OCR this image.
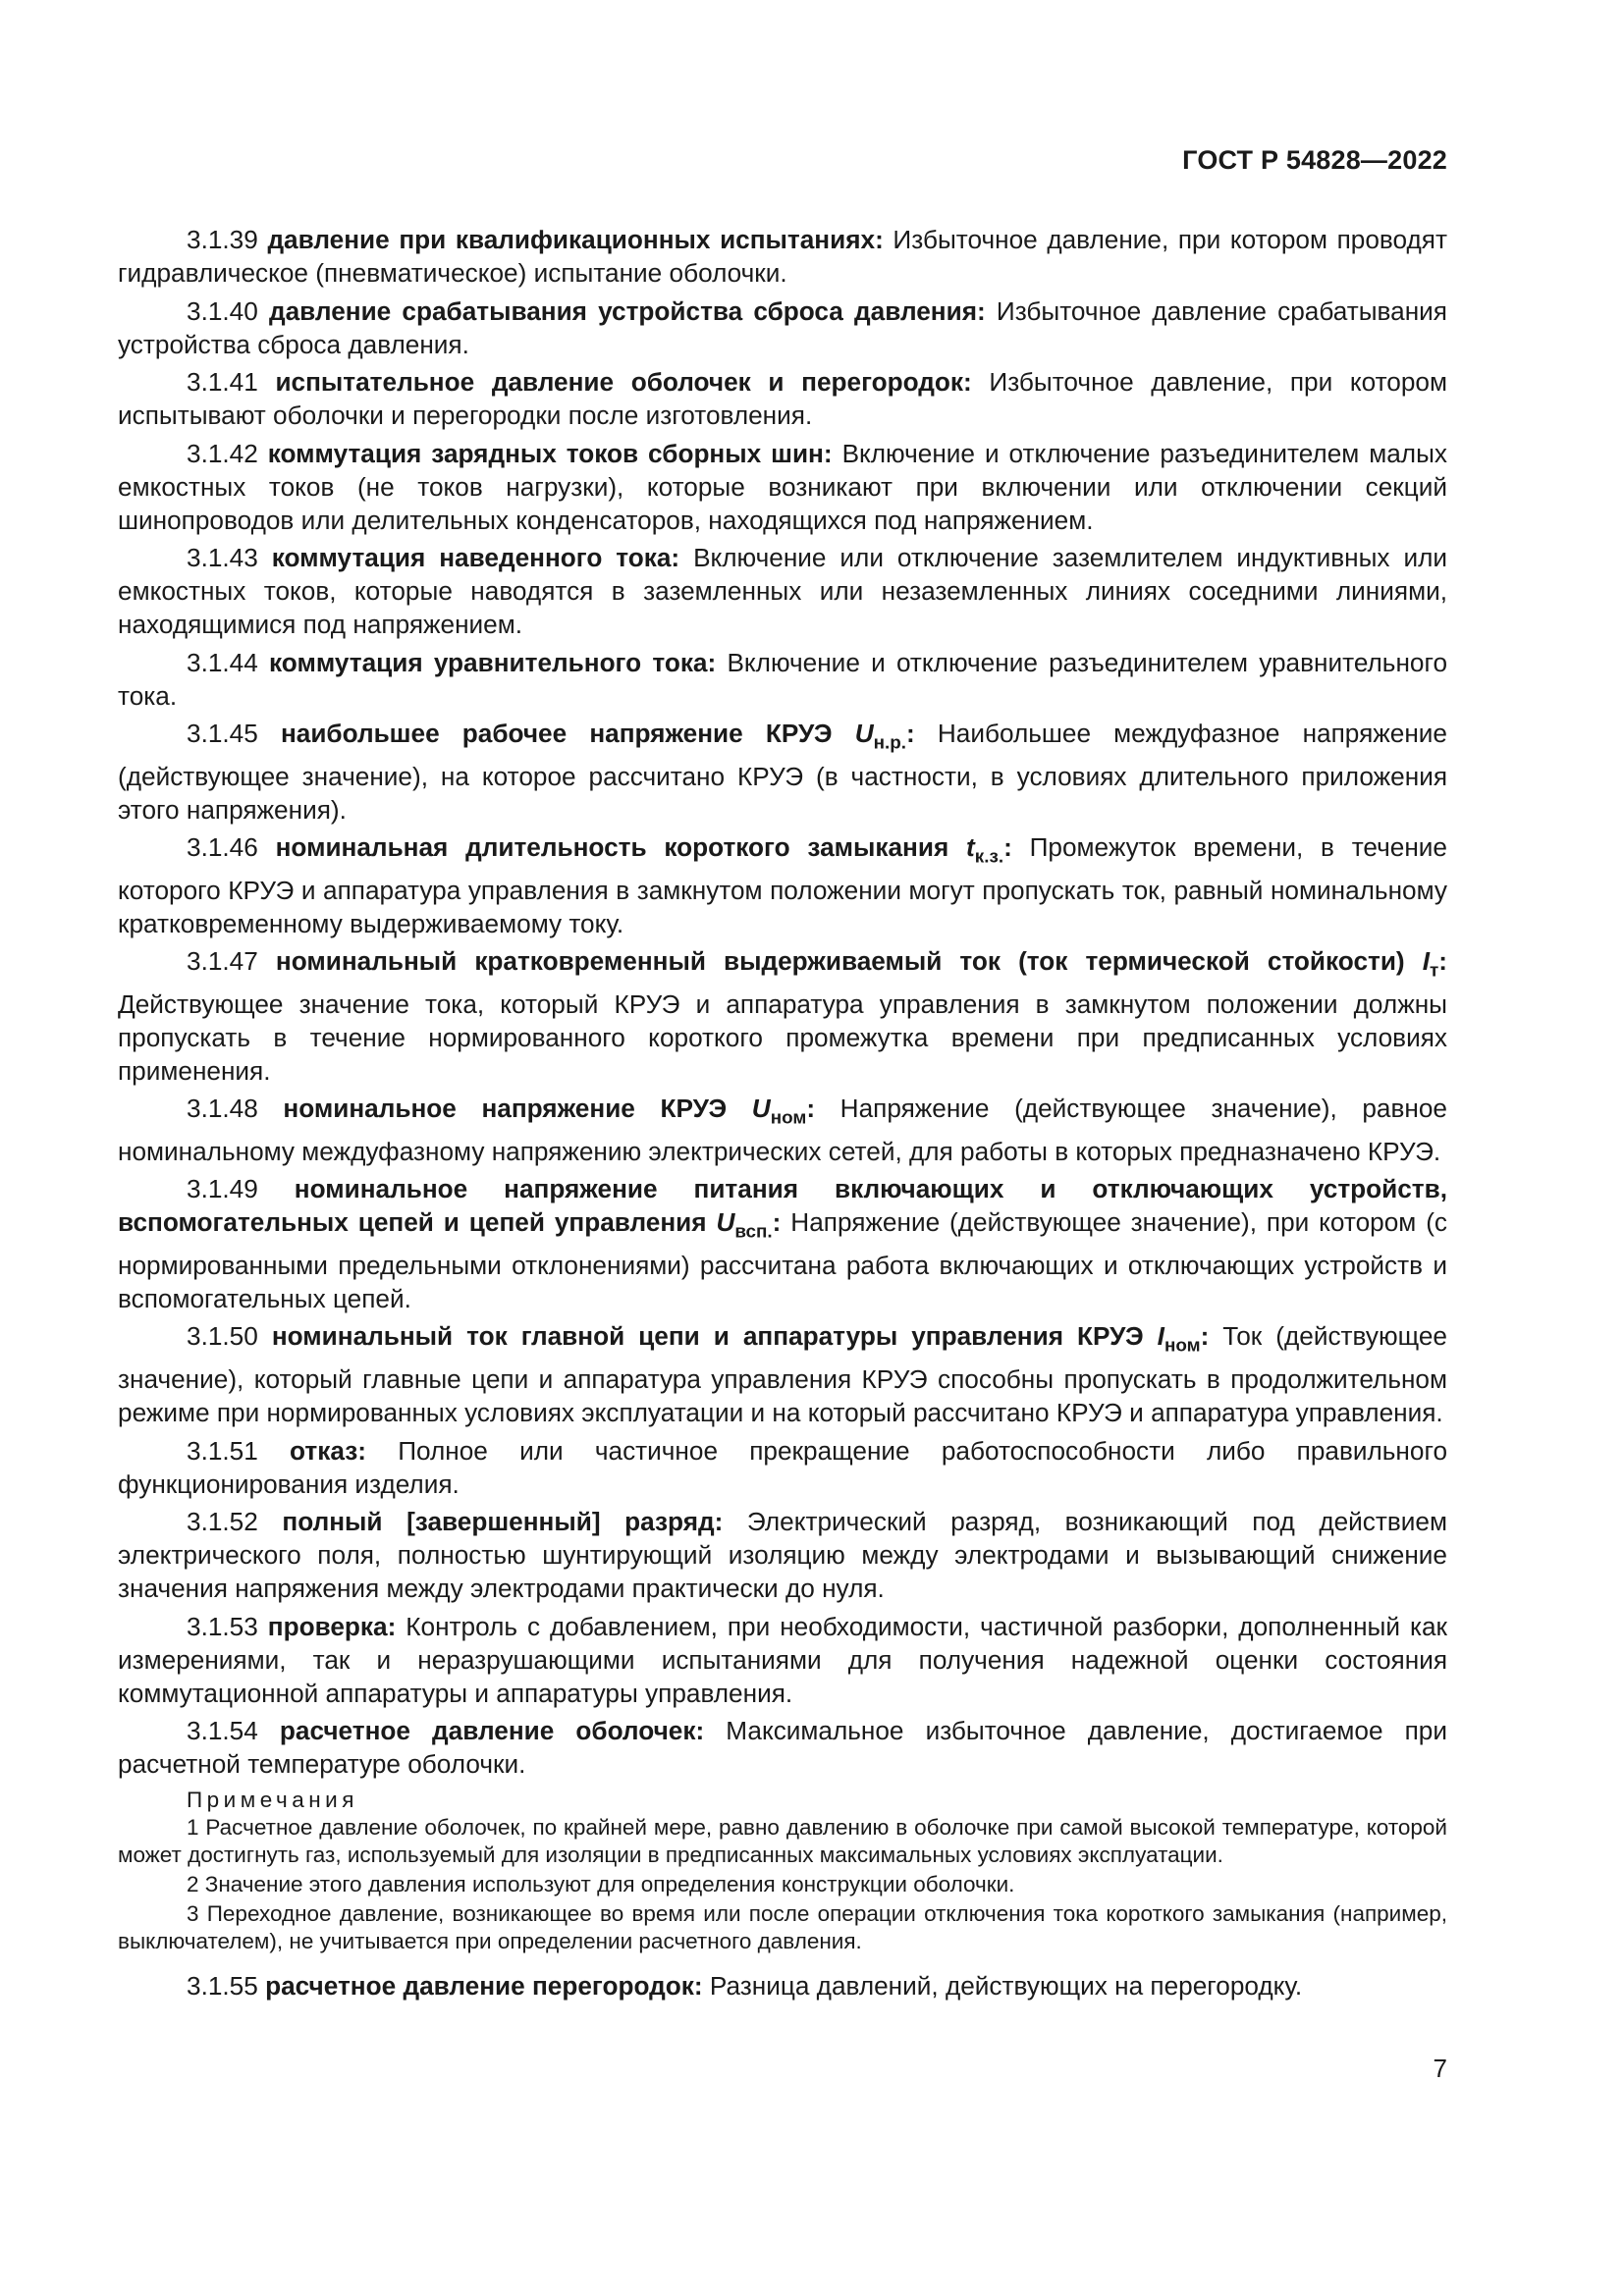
ГОСТ Р 54828—2022

3.1.39 давление при квалификационных испытаниях: Избыточное давление, при котором проводят гидравлическое (пневматическое) испытание оболочки.

3.1.40 давление срабатывания устройства сброса давления: Избыточное давление срабатывания устройства сброса давления.

3.1.41 испытательное давление оболочек и перегородок: Избыточное давление, при котором испытывают оболочки и перегородки после изготовления.

3.1.42 коммутация зарядных токов сборных шин: Включение и отключение разъединителем малых емкостных токов (не токов нагрузки), которые возникают при включении или отключении секций шинопроводов или делительных конденсаторов, находящихся под напряжением.

3.1.43 коммутация наведенного тока: Включение или отключение заземлителем индуктивных или емкостных токов, которые наводятся в заземленных или незаземленных линиях соседними линиями, находящимися под напряжением.

3.1.44 коммутация уравнительного тока: Включение и отключение разъединителем уравнительного тока.

3.1.45 наибольшее рабочее напряжение КРУЭ $U_{н.р.}$: Наибольшее междуфазное напряжение (действующее значение), на которое рассчитано КРУЭ (в частности, в условиях длительного приложения этого напряжения).

3.1.46 номинальная длительность короткого замыкания $t_{к.з.}$: Промежуток времени, в течение которого КРУЭ и аппаратура управления в замкнутом положении могут пропускать ток, равный номинальному кратковременному выдерживаемому току.

3.1.47 номинальный кратковременный выдерживаемый ток (ток термической стойкости) $I_т$: Действующее значение тока, который КРУЭ и аппаратура управления в замкнутом положении должны пропускать в течение нормированного короткого промежутка времени при предписанных условиях применения.

3.1.48 номинальное напряжение КРУЭ $U_{ном}$: Напряжение (действующее значение), равное номинальному междуфазному напряжению электрических сетей, для работы в которых предназначено КРУЭ.

3.1.49 номинальное напряжение питания включающих и отключающих устройств, вспомогательных цепей и цепей управления $U_{всп.}$: Напряжение (действующее значение), при котором (с нормированными предельными отклонениями) рассчитана работа включающих и отключающих устройств и вспомогательных цепей.

3.1.50 номинальный ток главной цепи и аппаратуры управления КРУЭ $I_{ном}$: Ток (действующее значение), который главные цепи и аппаратура управления КРУЭ способны пропускать в продолжительном режиме при нормированных условиях эксплуатации и на который рассчитано КРУЭ и аппаратура управления.

3.1.51 отказ: Полное или частичное прекращение работоспособности либо правильного функционирования изделия.

3.1.52 полный [завершенный] разряд: Электрический разряд, возникающий под действием электрического поля, полностью шунтирующий изоляцию между электродами и вызывающий снижение значения напряжения между электродами практически до нуля.

3.1.53 проверка: Контроль с добавлением, при необходимости, частичной разборки, дополненный как измерениями, так и неразрушающими испытаниями для получения надежной оценки состояния коммутационной аппаратуры и аппаратуры управления.

3.1.54 расчетное давление оболочек: Максимальное избыточное давление, достигаемое при расчетной температуре оболочки.

Примечания

1 Расчетное давление оболочек, по крайней мере, равно давлению в оболочке при самой высокой температуре, которой может достигнуть газ, используемый для изоляции в предписанных максимальных условиях эксплуатации.

2 Значение этого давления используют для определения конструкции оболочки.

3 Переходное давление, возникающее во время или после операции отключения тока короткого замыкания (например, выключателем), не учитывается при определении расчетного давления.

3.1.55 расчетное давление перегородок: Разница давлений, действующих на перегородку.

7
